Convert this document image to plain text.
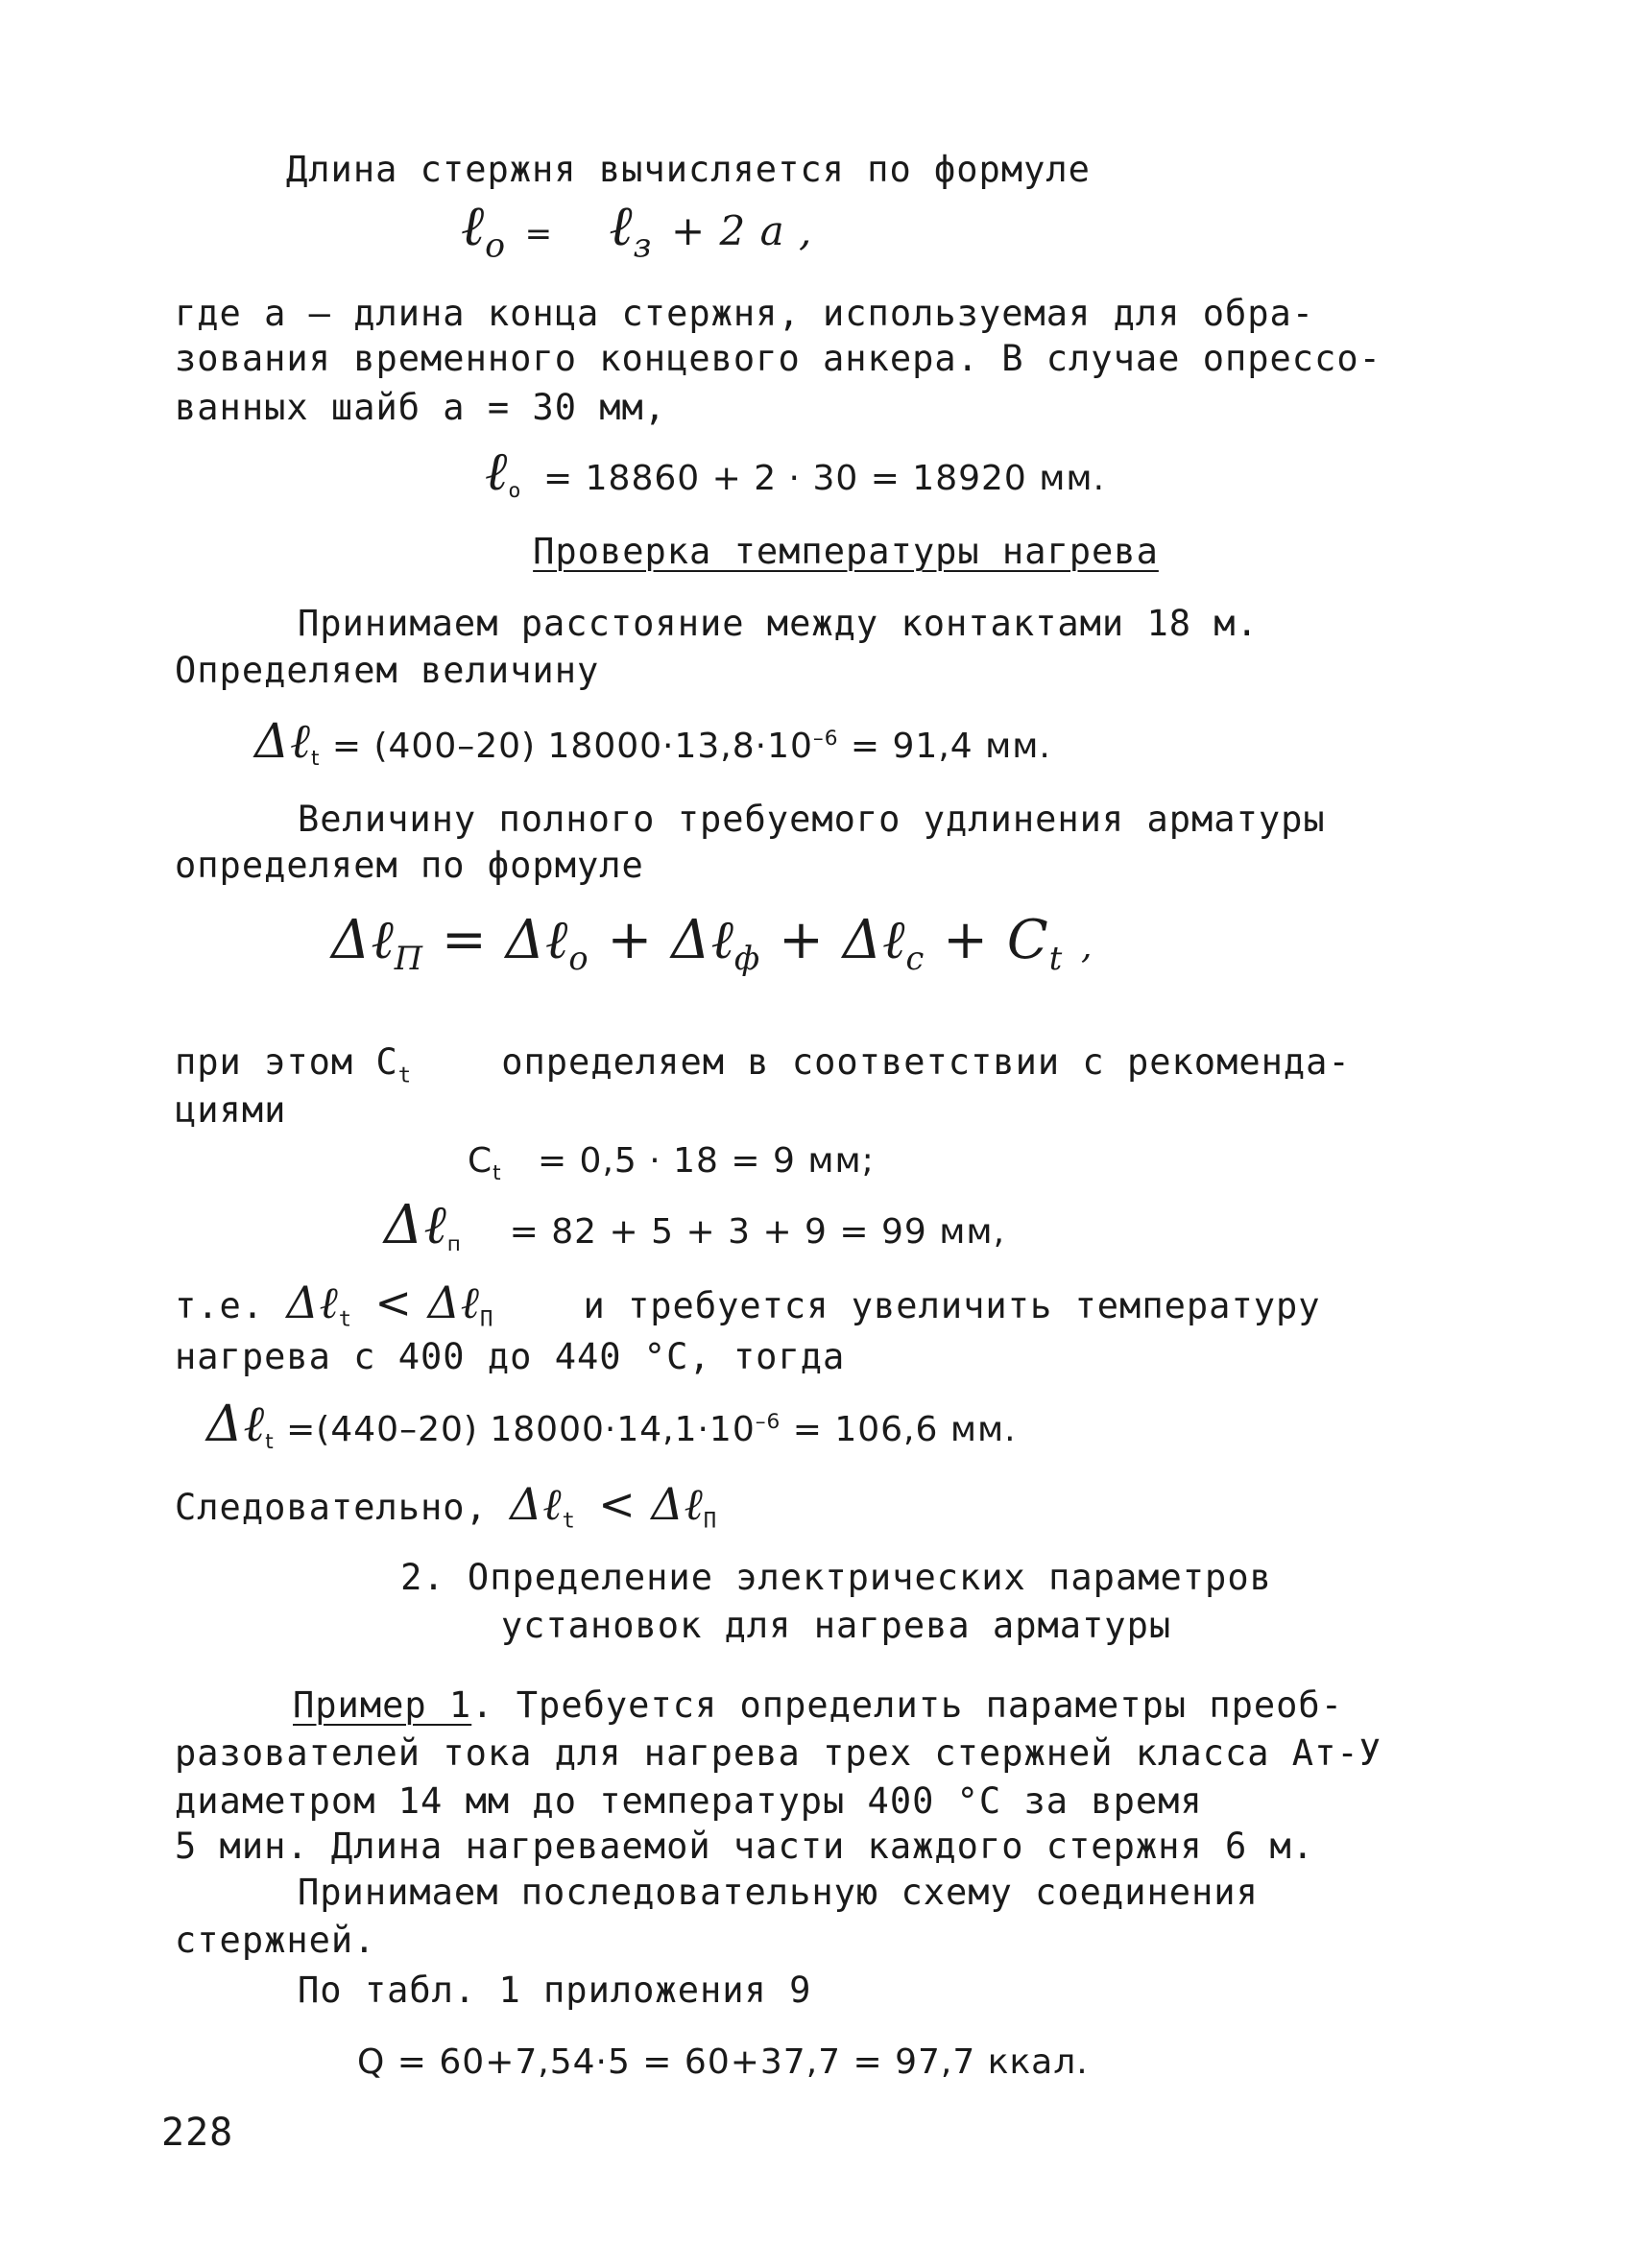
Длина стержня вычисляется по формуле
ℓ$_о$ = ℓ$_з$ + 2 a ,
где a – длина конца стержня, используемая для обра-
зования временного концевого анкера. В случае опрессо-
ванных шайб a = 30 мм,
ℓ$_о$ = 18860 + 2 · 30 = 18920 мм.
Проверка температуры нагрева
Принимаем расстояние между контактами 18 м.
Определяем величину
Δℓ$_t$ = (400–20) $18000\cdot 13,8\cdot 10^{-6} = 91,4$ мм.
Величину полного требуемого удлинения арматуры
определяем по формуле
Δℓ$_П$ = Δℓ$_о$ + Δℓ$_ф$ + Δℓ$_с$ + $C_t$ ,
при этом $C_t$	определяем в соответствии с рекоменда-
циями
$C_t = 0,5 \cdot 18 = 9$ мм;
Δℓ$_п$ = 82 + 5 + 3 + 9 = 99 мм,
т.е. Δℓ$_t$ < Δℓ$_П$	и требуется увеличить температуру
нагрева с 400 до 440 °C, тогда
Δℓ$_t$ =(440–20) $18000\cdot 14,1\cdot 10^{-6} = 106,6$ мм.
Следовательно, Δℓ$_t$ < Δℓ$_П$
2. Определение электрических параметров
установок для нагрева арматуры
Пример 1. Требуется определить параметры преоб-
разователей тока для нагрева трех стержней класса Ат-У
диаметром 14 мм до температуры 400 °C за время
5 мин. Длина нагреваемой части каждого стержня 6 м.
Принимаем последовательную схему соединения
стержней.
По табл. 1 приложения 9
Q = 60+7,54·5 = 60+37,7 = 97,7 ккал.
228
